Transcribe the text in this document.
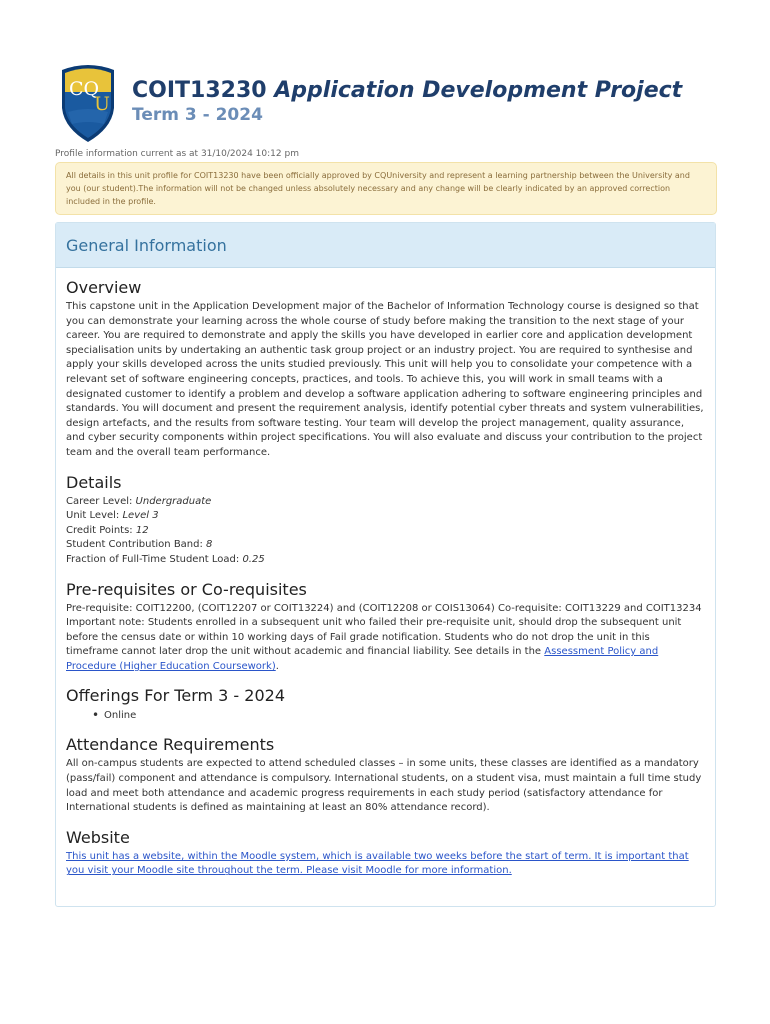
CQ
U
COIT13230 Application Development Project
Term 3 - 2024
Profile information current as at 31/10/2024 10:12 pm
All details in this unit profile for COIT13230 have been officially approved by CQUniversity and represent a learning partnership between the University and you (our student).The information will not be changed unless absolutely necessary and any change will be clearly indicated by an approved correction included in the profile.
General Information
Overview

This capstone unit in the Application Development major of the Bachelor of Information Technology course is designed so that you can demonstrate your learning across the whole course of study before making the transition to the next stage of your career. You are required to demonstrate and apply the skills you have developed in earlier core and application development specialisation units by undertaking an authentic task group project or an industry project. You are required to synthesise and apply your skills developed across the units studied previously. This unit will help you to consolidate your competence with a relevant set of software engineering concepts, practices, and tools. To achieve this, you will work in small teams with a designated customer to identify a problem and develop a software application adhering to software engineering principles and standards. You will document and present the requirement analysis, identify potential cyber threats and system vulnerabilities, design artefacts, and the results from software testing. Your team will develop the project management, quality assurance, and cyber security components within project specifications. You will also evaluate and discuss your contribution to the project team and the overall team performance.

Details
Career Level: Undergraduate
Unit Level: Level 3
Credit Points: 12
Student Contribution Band: 8
Fraction of Full-Time Student Load: 0.25
Pre-requisites or Co-requisites

Pre-requisite: COIT12200, (COIT12207 or COIT13224) and (COIT12208 or COIS13064) Co-requisite: COIT13229 and COIT13234

Important note: Students enrolled in a subsequent unit who failed their pre-requisite unit, should drop the subsequent unit before the census date or within 10 working days of Fail grade notification. Students who do not drop the unit in this timeframe cannot later drop the unit without academic and financial liability. See details in the Assessment Policy and Procedure (Higher Education Coursework).

Offerings For Term 3 - 2024
• Online
Attendance Requirements

All on-campus students are expected to attend scheduled classes – in some units, these classes are identified as a mandatory (pass/fail) component and attendance is compulsory. International students, on a student visa, must maintain a full time study load and meet both attendance and academic progress requirements in each study period (satisfactory attendance for International students is defined as maintaining at least an 80% attendance record).

Website

This unit has a website, within the Moodle system, which is available two weeks before the start of term. It is important that you visit your Moodle site throughout the term. Please visit Moodle for more information.
